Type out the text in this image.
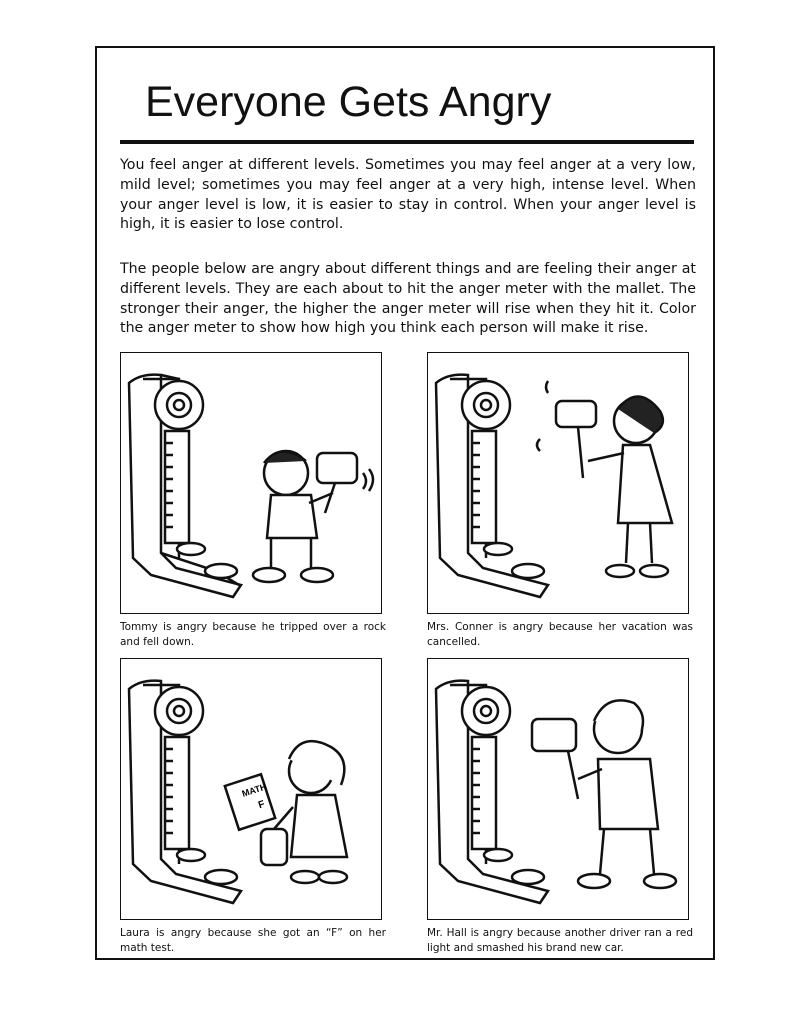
Everyone Gets Angry
You feel anger at different levels. Sometimes you may feel anger at a very low, mild level; sometimes you may feel anger at a very high, intense level. When your anger level is low, it is easier to stay in control. When your anger level is high, it is easier to lose control.
The people below are angry about different things and are feeling their anger at different levels. They are each about to hit the anger meter with the mallet. The stronger their anger, the higher the anger meter will rise when they hit it. Color the anger meter to show how high you think each person will make it rise.
MATH
F
Tommy is angry because he tripped over a rock and fell down.
Mrs. Conner is angry because her vacation was cancelled.
Laura is angry because she got an “F” on her math test.
Mr. Hall is angry because another driver ran a red light and smashed his brand new car.
